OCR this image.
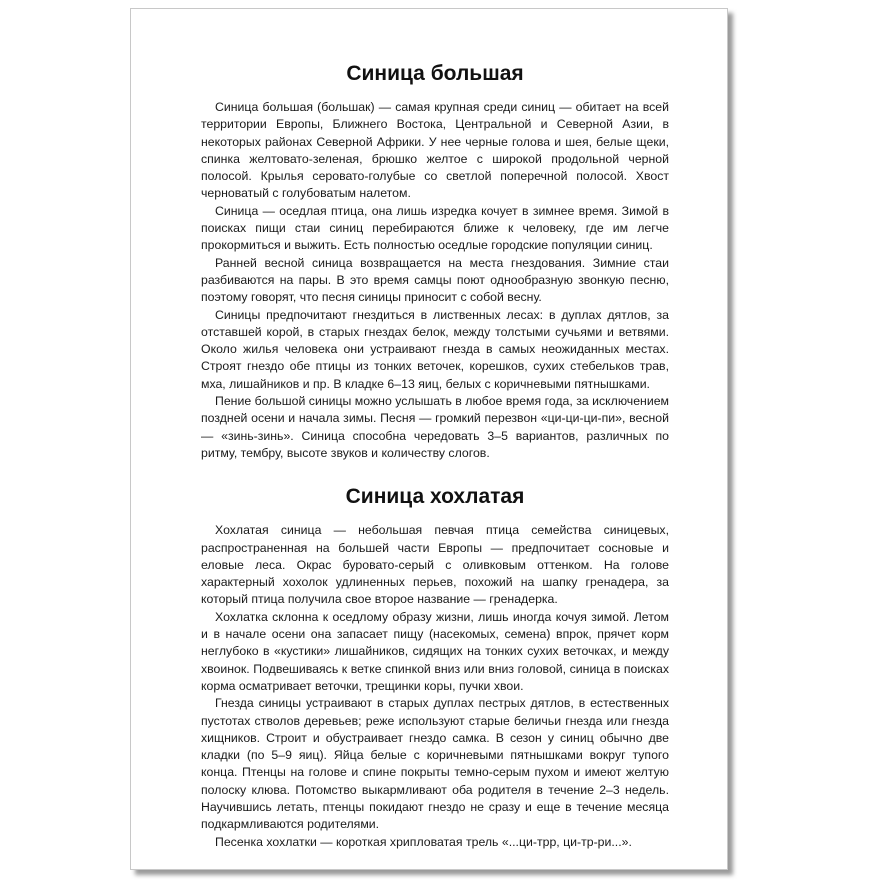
Синица большая

Синица большая (большак) — самая крупная среди синиц — обитает на всей территории Европы, Ближнего Востока, Центральной и Северной Азии, в некоторых районах Северной Африки. У нее черные голова и шея, белые щеки, спинка желтовато-зеленая, брюшко желтое с широкой продольной черной полосой. Крылья серовато-голубые со светлой поперечной полосой. Хвост черноватый с голубоватым налетом.

Синица — оседлая птица, она лишь изредка кочует в зимнее время. Зимой в поисках пищи стаи синиц перебираются ближе к человеку, где им легче прокормиться и выжить. Есть полностью оседлые городские популяции синиц.

Ранней весной синица возвращается на места гнездования. Зимние стаи разбиваются на пары. В это время самцы поют однообразную звонкую песню, поэтому говорят, что песня синицы приносит с собой весну.

Синицы предпочитают гнездиться в лиственных лесах: в дуплах дятлов, за отставшей корой, в старых гнездах белок, между толстыми сучьями и ветвями. Около жилья человека они устраивают гнезда в самых неожиданных местах. Строят гнездо обе птицы из тонких веточек, корешков, сухих стебельков трав, мха, лишайников и пр. В кладке 6–13 яиц, белых с коричневыми пятнышками.

Пение большой синицы можно услышать в любое время года, за исключением поздней осени и начала зимы. Песня — громкий перезвон «ци-ци-ци-пи», весной— «зинь-зинь». Синица способна чередовать 3–5 вариантов, различных по ритму, тембру, высоте звуков и количеству слогов.

Синица хохлатая

Хохлатая синица — небольшая певчая птица семейства синицевых, распространенная на большей части Европы — предпочитает сосновые и еловые леса. Окрас буровато-серый с оливковым оттенком. На голове характерный хохолок удлиненных перьев, похожий на шапку гренадера, за который птица получила свое второе название — гренадерка.

Хохлатка склонна к оседлому образу жизни, лишь иногда кочуя зимой. Летом и в начале осени она запасает пищу (насекомых, семена) впрок, прячет корм неглубоко в «кустики» лишайников, сидящих на тонких сухих веточках, и между хвоинок. Подвешиваясь к ветке спинкой вниз или вниз головой, синица в поисках корма осматривает веточки, трещинки коры, пучки хвои.

Гнезда синицы устраивают в старых дуплах пестрых дятлов, в естественных пустотах стволов деревьев; реже используют старые беличьи гнезда или гнезда хищников. Строит и обустраивает гнездо самка. В сезон у синиц обычно две кладки (по 5–9 яиц). Яйца белые с коричневыми пятнышками вокруг тупого конца. Птенцы на голове и спине покрыты темно-серым пухом и имеют желтую полоску клюва. Потомство выкармливают оба родителя в течение 2–3 недель. Научившись летать, птенцы покидают гнездо не сразу и еще в течение месяца подкармливаются родителями.

Песенка хохлатки — короткая хрипловатая трель «...ци-трр, ци-тр-ри...».
